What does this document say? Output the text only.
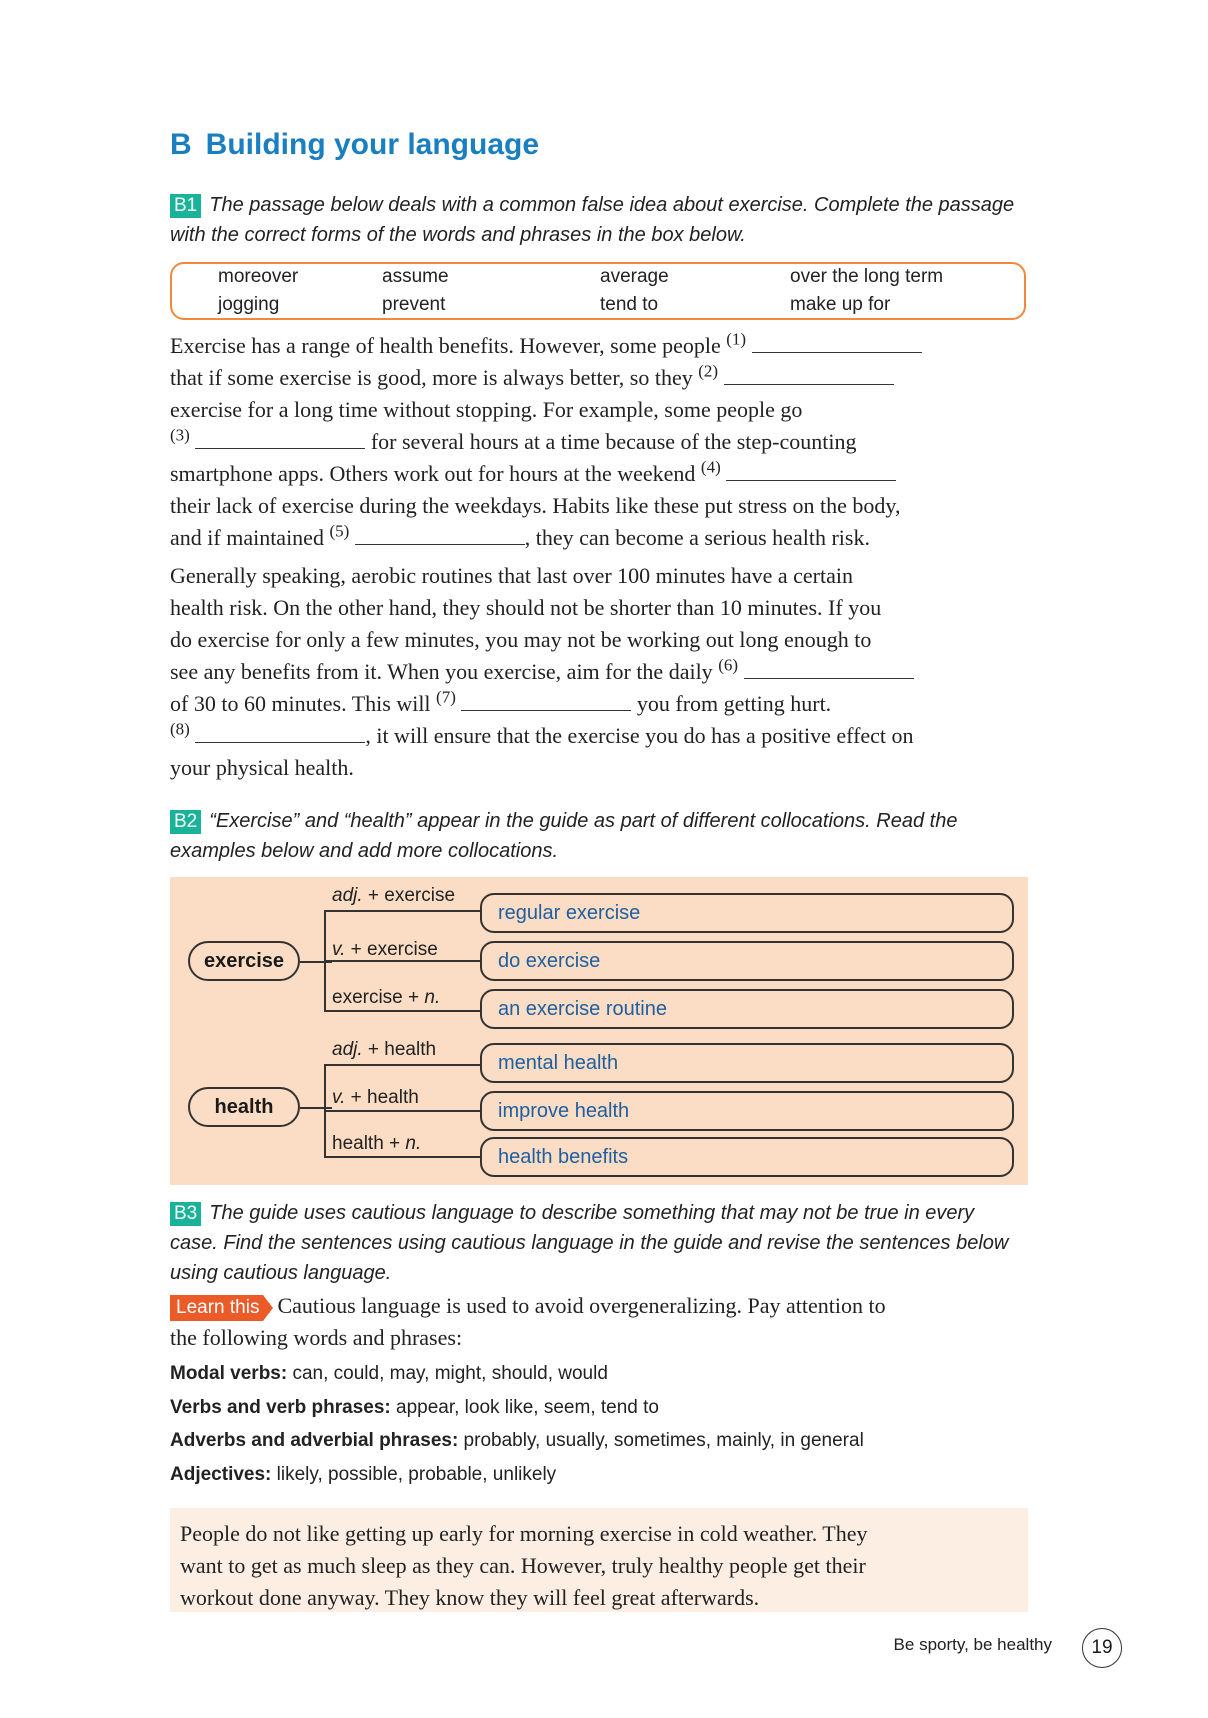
B Building your language
B1 The passage below deals with a common false idea about exercise. Complete the passage
with the correct forms of the words and phrases in the box below.
moreover	assume	average	over the long term
jogging	prevent	tend to	make up for
Exercise has a range of health benefits. However, some people $^{(1)}$
that if some exercise is good, more is always better, so they $^{(2)}$
exercise for a long time without stopping. For example, some people go
$^{(3)}$	for several hours at a time because of the step-counting
smartphone apps. Others work out for hours at the weekend $^{(4)}$
their lack of exercise during the weekdays. Habits like these put stress on the body,
and if maintained $^{(5)}$	, they can become a serious health risk.
Generally speaking, aerobic routines that last over 100 minutes have a certain
health risk. On the other hand, they should not be shorter than 10 minutes. If you
do exercise for only a few minutes, you may not be working out long enough to
see any benefits from it. When you exercise, aim for the daily $^{(6)}$
of 30 to 60 minutes. This will $^{(7)}$	you from getting hurt.
$^{(8)}$	, it will ensure that the exercise you do has a positive effect on
your physical health.
B2 “Exercise” and “health” appear in the guide as part of different collocations. Read the
examples below and add more collocations.
exercise
adj. + exercise
v. + exercise
exercise + n.
regular exercise
do exercise
an exercise routine
health
adj. + health
v. + health
health + n.
mental health
improve health
health benefits
B3 The guide uses cautious language to describe something that may not be true in every
case. Find the sentences using cautious language in the guide and revise the sentences below
using cautious language.
Learn this Cautious language is used to avoid overgeneralizing. Pay attention to
the following words and phrases:
Modal verbs: can, could, may, might, should, would
Verbs and verb phrases: appear, look like, seem, tend to
Adverbs and adverbial phrases: probably, usually, sometimes, mainly, in general
Adjectives: likely, possible, probable, unlikely
People do not like getting up early for morning exercise in cold weather. They
want to get as much sleep as they can. However, truly healthy people get their
workout done anyway. They know they will feel great afterwards.
Be sporty, be healthy	19
